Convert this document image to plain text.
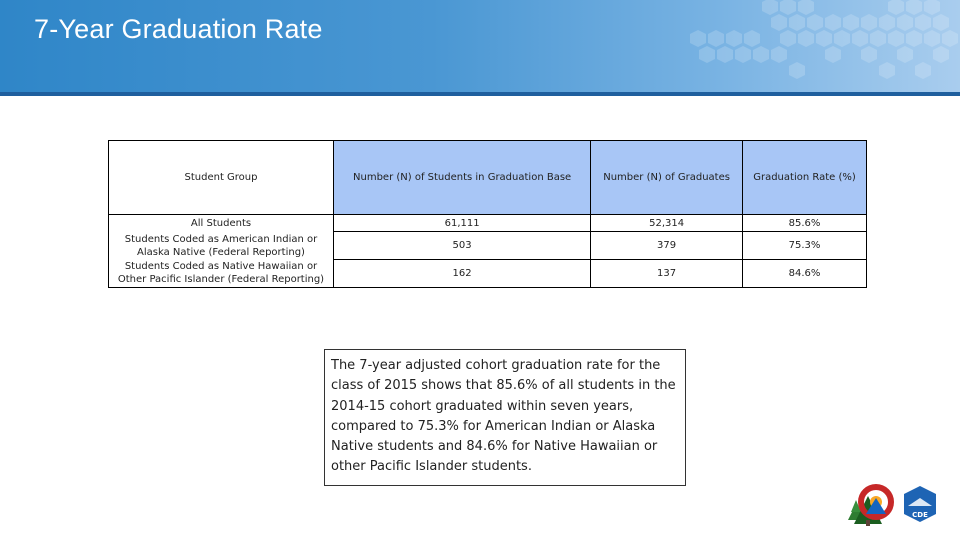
7-Year Graduation Rate
Student Group	Number (N) of Students in Graduation Base	Number (N) of Graduates	Graduation Rate (%)
All Students	61,111	52,314	85.6%
Students Coded as American Indian or Alaska Native (Federal Reporting)	503	379	75.3%
Students Coded as Native Hawaiian or Other Pacific Islander (Federal Reporting)	162	137	84.6%
The 7-year adjusted cohort graduation rate for the class of 2015 shows that 85.6% of all students in the 2014-15 cohort graduated within seven years, compared to 75.3% for American Indian or Alaska Native students and 84.6% for Native Hawaiian or other Pacific Islander students.
CDE
